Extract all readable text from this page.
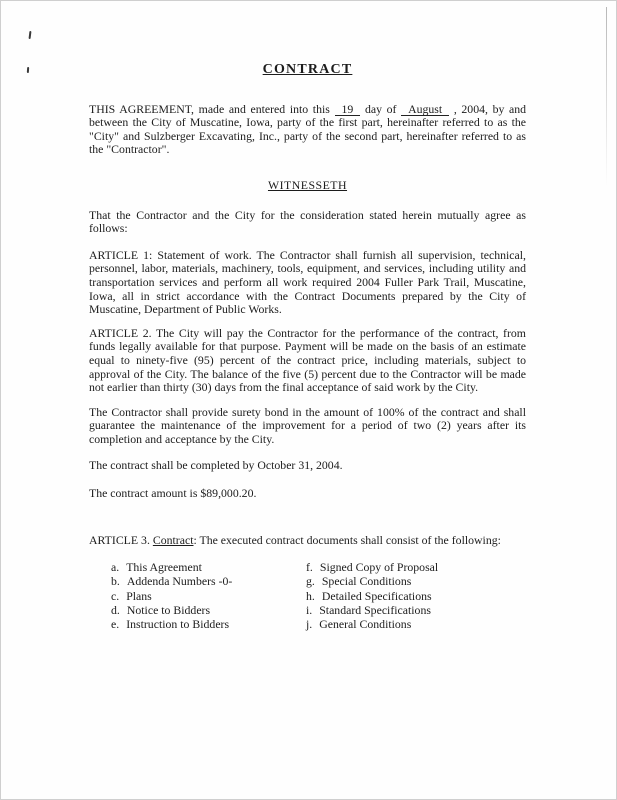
CONTRACT

THIS AGREEMENT, made and entered into this 19 day of August , 2004, by and between the City of Muscatine, Iowa, party of the first part, hereinafter referred to as the "City" and Sulzberger Excavating, Inc., party of the second part, hereinafter referred to as the "Contractor".

WITNESSETH

That the Contractor and the City for the consideration stated herein mutually agree as follows:

ARTICLE 1: Statement of work. The Contractor shall furnish all supervision, technical, personnel, labor, materials, machinery, tools, equipment, and services, including utility and transportation services and perform all work required 2004 Fuller Park Trail, Muscatine, Iowa, all in strict accordance with the Contract Documents prepared by the City of Muscatine, Department of Public Works.

ARTICLE 2. The City will pay the Contractor for the performance of the contract, from funds legally available for that purpose. Payment will be made on the basis of an estimate equal to ninety-five (95) percent of the contract price, including materials, subject to approval of the City. The balance of the five (5) percent due to the Contractor will be made not earlier than thirty (30) days from the final acceptance of said work by the City.

The Contractor shall provide surety bond in the amount of 100% of the contract and shall guarantee the maintenance of the improvement for a period of two (2) years after its completion and acceptance by the City.

The contract shall be completed by October 31, 2004.

The contract amount is $89,000.20.

ARTICLE 3. Contract: The executed contract documents shall consist of the following:

a. This Agreement
b. Addenda Numbers -0-
c. Plans
d. Notice to Bidders
e. Instruction to Bidders
f. Signed Copy of Proposal
g. Special Conditions
h. Detailed Specifications
i. Standard Specifications
j. General Conditions
